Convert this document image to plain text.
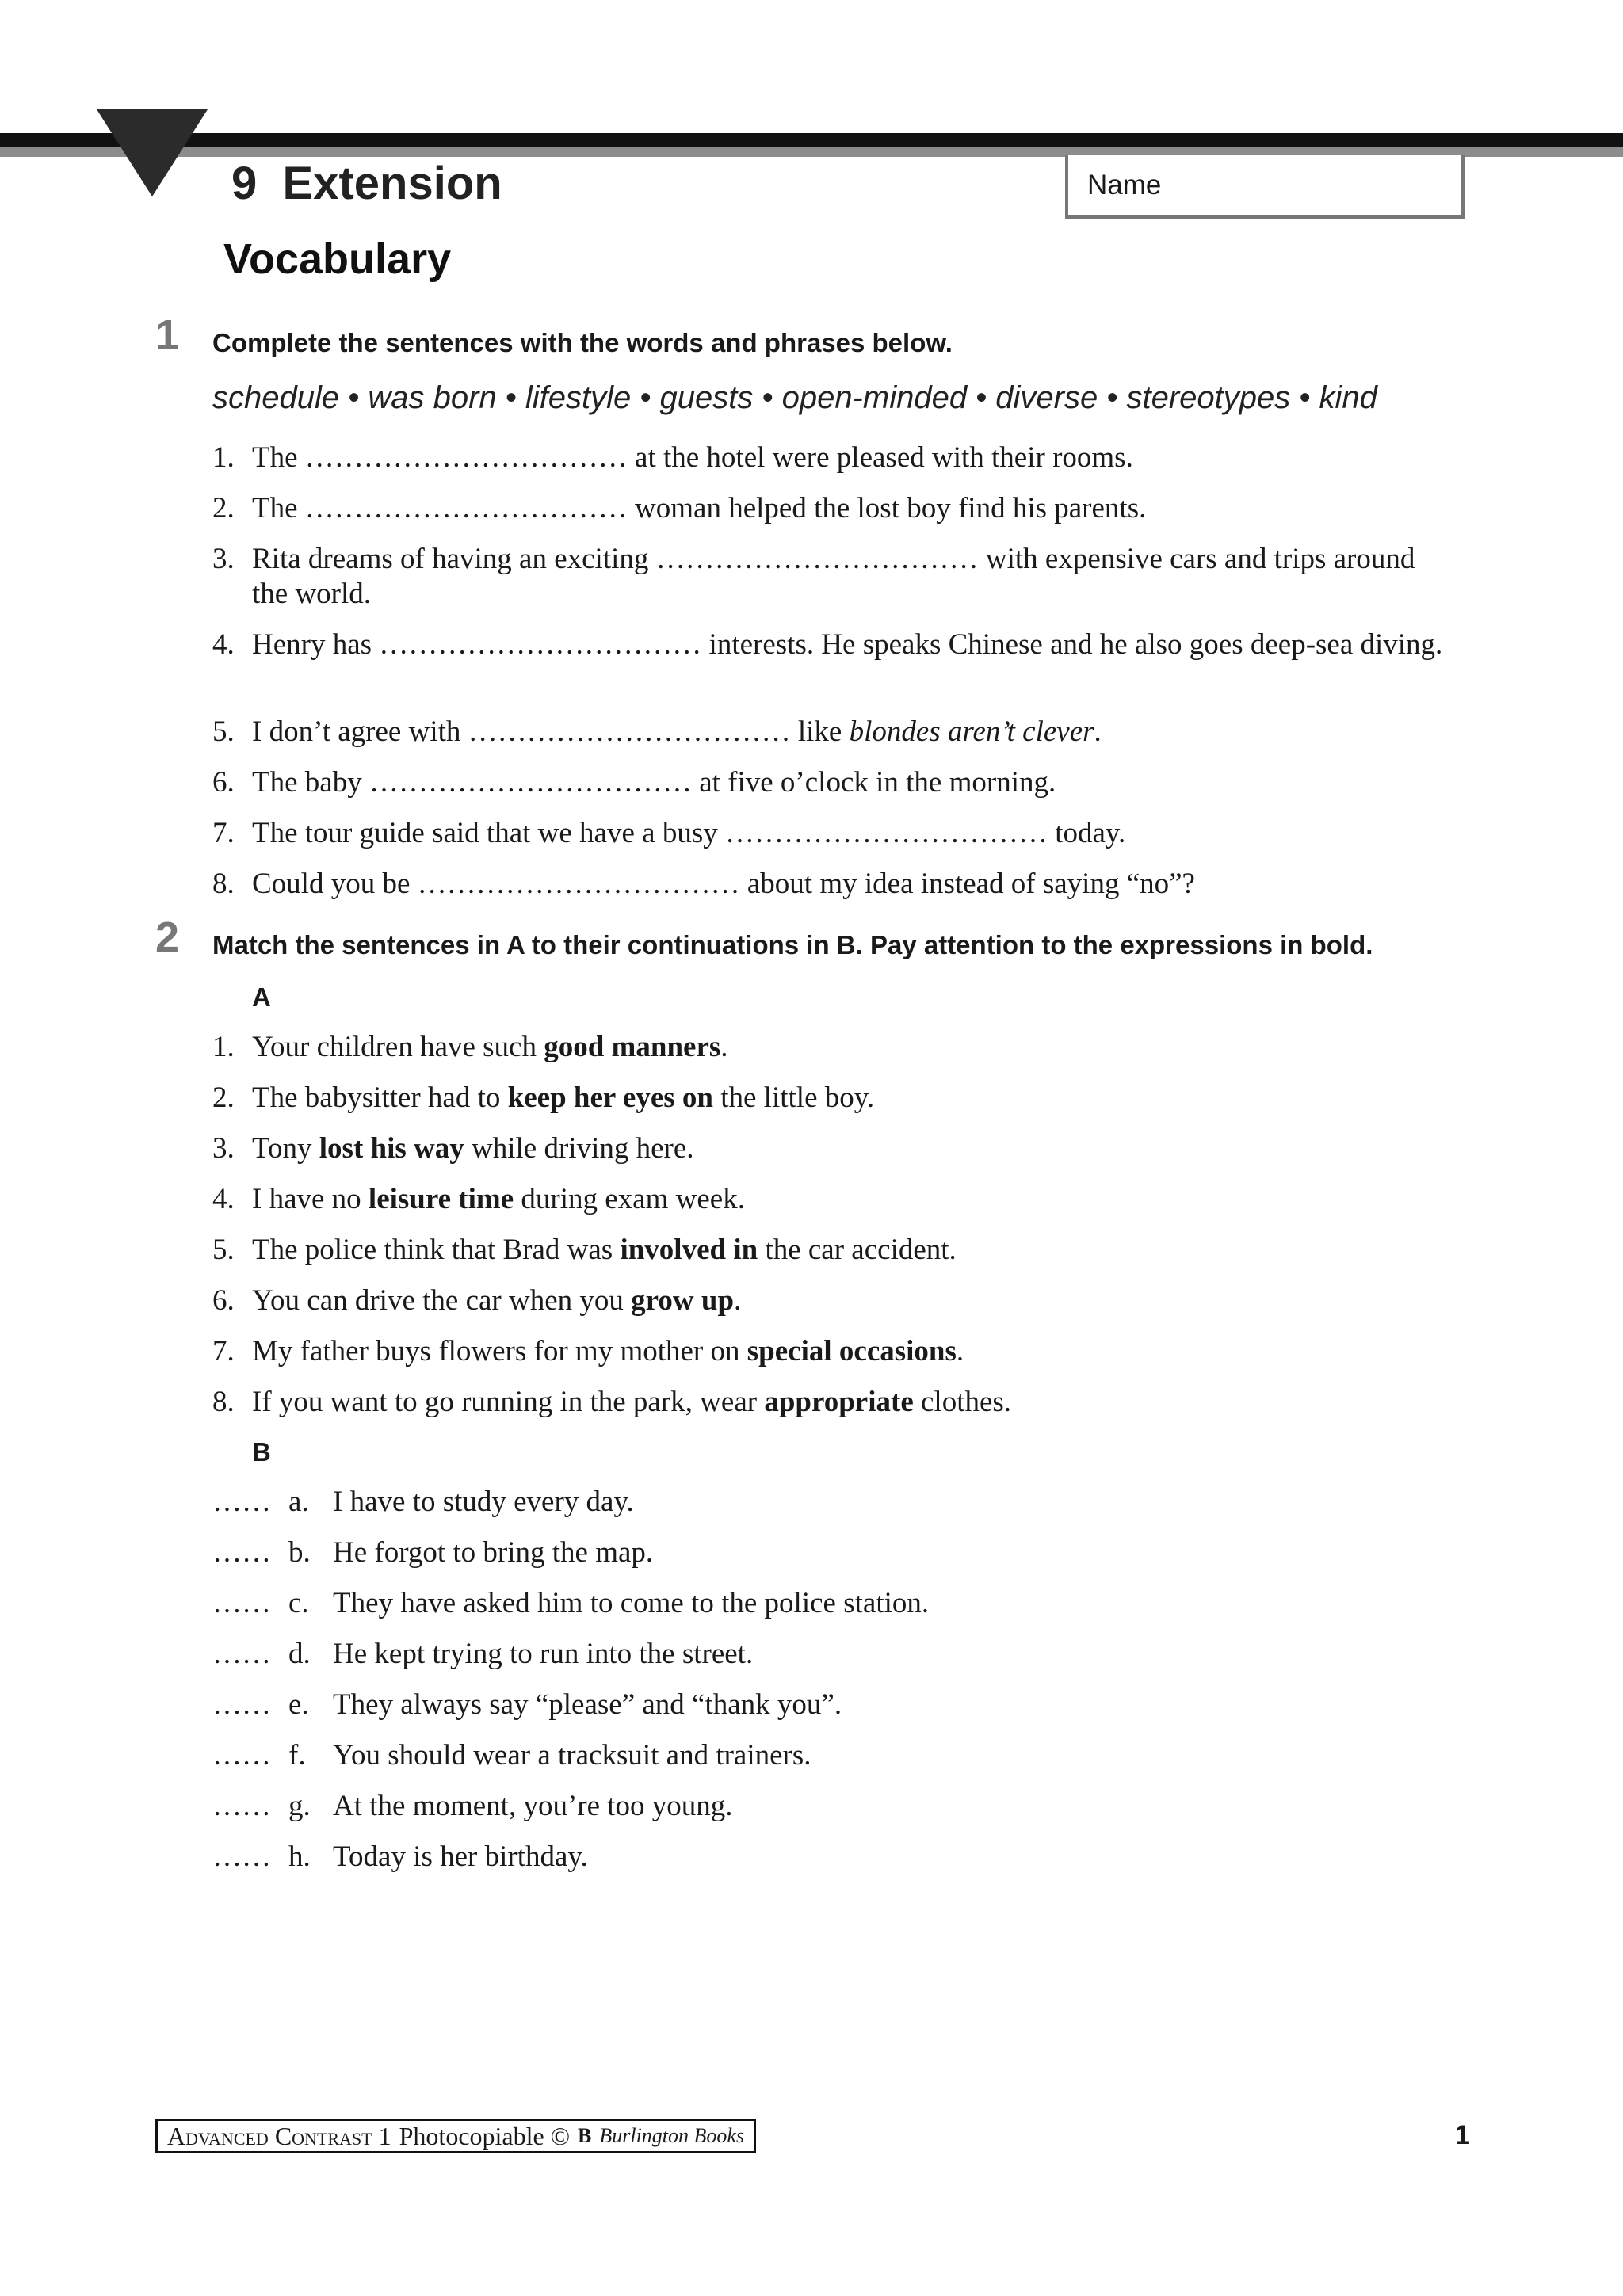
9 Extension	Name
Vocabulary
1 Complete the sentences with the words and phrases below.
schedule • was born • lifestyle • guests • open-minded • diverse • stereotypes • kind
1. The …………………………… at the hotel were pleased with their rooms.
2. The …………………………… woman helped the lost boy find his parents.
3. Rita dreams of having an exciting …………………………… with expensive cars and trips around the world.
4. Henry has …………………………… interests. He speaks Chinese and he also goes deep-sea diving.
5. I don’t agree with …………………………… like blondes aren’t clever.
6. The baby …………………………… at five o’clock in the morning.
7. The tour guide said that we have a busy …………………………… today.
8. Could you be …………………………… about my idea instead of saying “no”?
2 Match the sentences in A to their continuations in B. Pay attention to the expressions in bold.
A
1. Your children have such good manners.
2. The babysitter had to keep her eyes on the little boy.
3. Tony lost his way while driving here.
4. I have no leisure time during exam week.
5. The police think that Brad was involved in the car accident.
6. You can drive the car when you grow up.
7. My father buys flowers for my mother on special occasions.
8. If you want to go running in the park, wear appropriate clothes.
B
…… a. I have to study every day.
…… b. He forgot to bring the map.
…… c. They have asked him to come to the police station.
…… d. He kept trying to run into the street.
…… e. They always say “please” and “thank you”.
…… f. You should wear a tracksuit and trainers.
…… g. At the moment, you’re too young.
…… h. Today is her birthday.
Advanced Contrast 1 Photocopiable © B Burlington Books	1
